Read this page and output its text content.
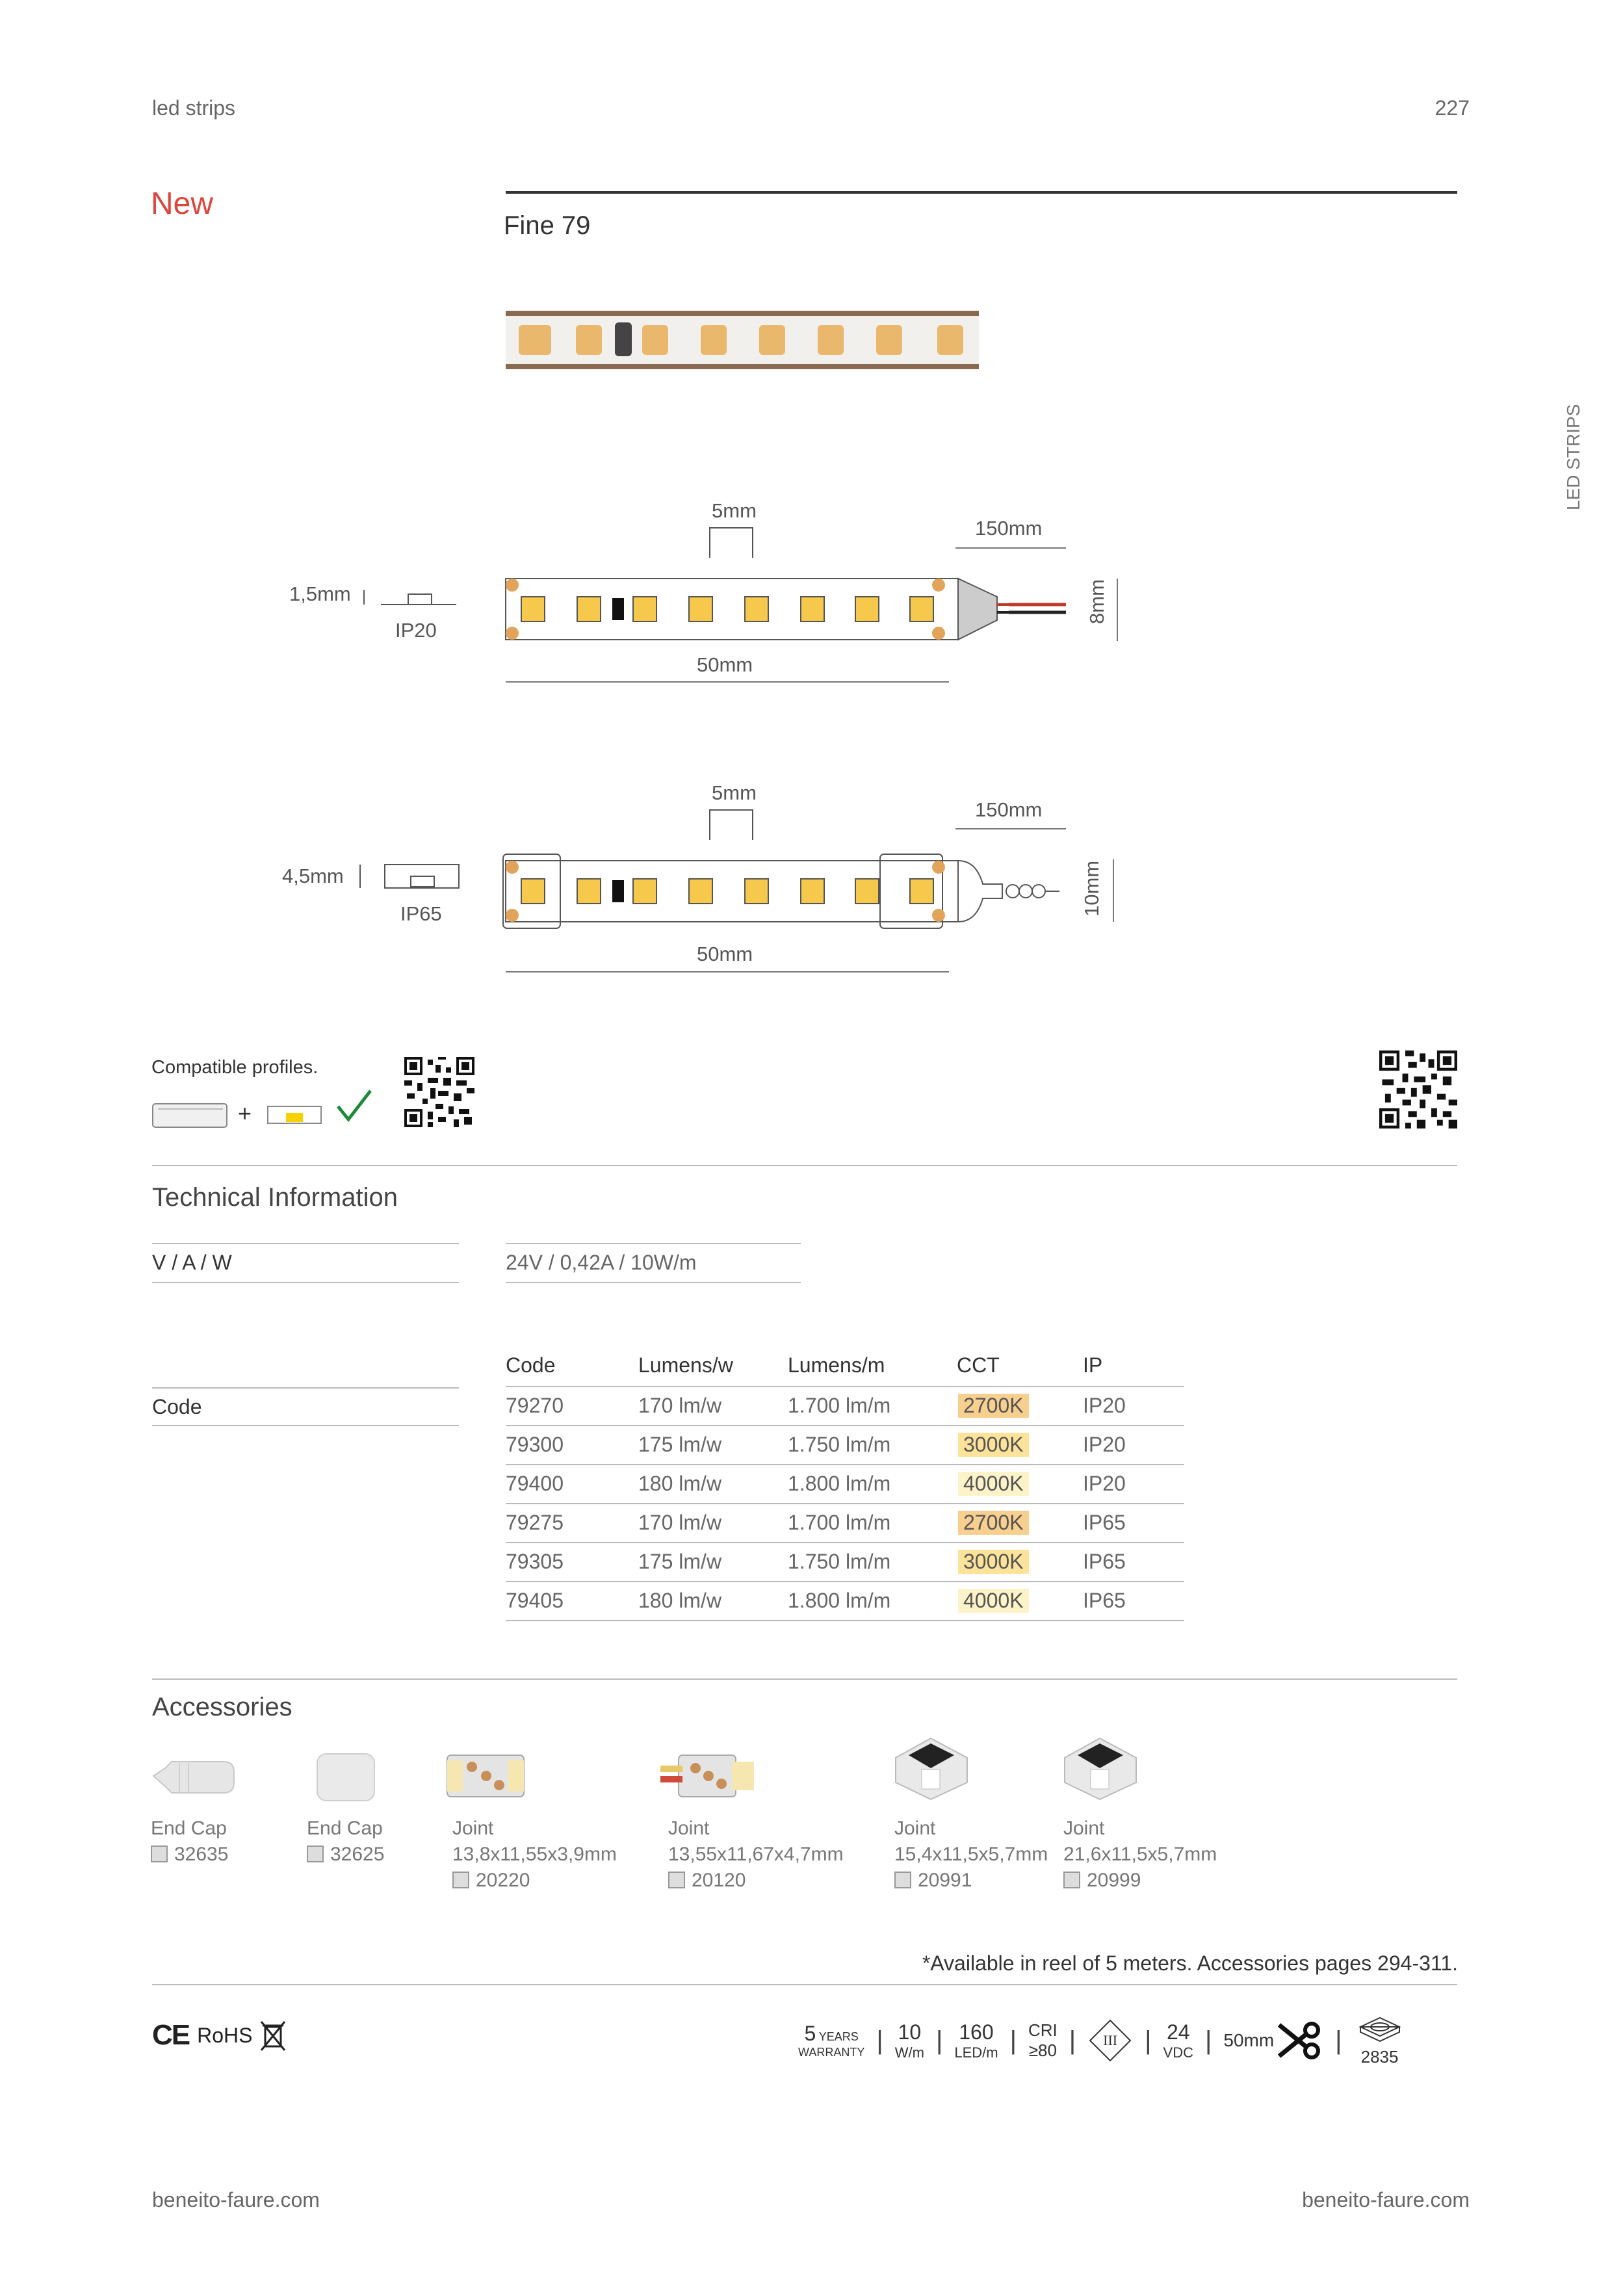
led strips	227
LED STRIPS
New
Fine 79
5mm
150mm
1,5mm
IP20
8mm
50mm
5mm
150mm
4,5mm
IP65	10mm
50mm
Compatible profiles.
+
Technical Information
V / A / W	24V / 0,42A / 10W/m
Code
Code	Lumens/w	Lumens/m	CCT	IP
79270	170 lm/w	1.700 lm/m	2700K	IP20
79300	175 lm/w	1.750 lm/m	3000K	IP20
79400	180 lm/w	1.800 lm/m	4000K	IP20
79275	170 lm/w	1.700 lm/m	2700K	IP65
79305	175 lm/w	1.750 lm/m	3000K	IP65
79405	180 lm/w	1.800 lm/m	4000K	IP65
Accessories
End Cap
32635
End Cap
32625
Joint
13,8x11,55x3,9mm
20220
Joint
13,55x11,67x4,7mm
20120
Joint
15,4x11,5x5,7mm
20991
Joint
21,6x11,5x5,7mm
20999
*Available in reel of 5 meters. Accessories pages 294-311.
CE RoHS	5 YEARS
WARRANTY | 10
W/m | 160
LED/m | CRI
≥80 |	III	| 24
VDC | 50mm |
2835
beneito-faure.com	beneito-faure.com
